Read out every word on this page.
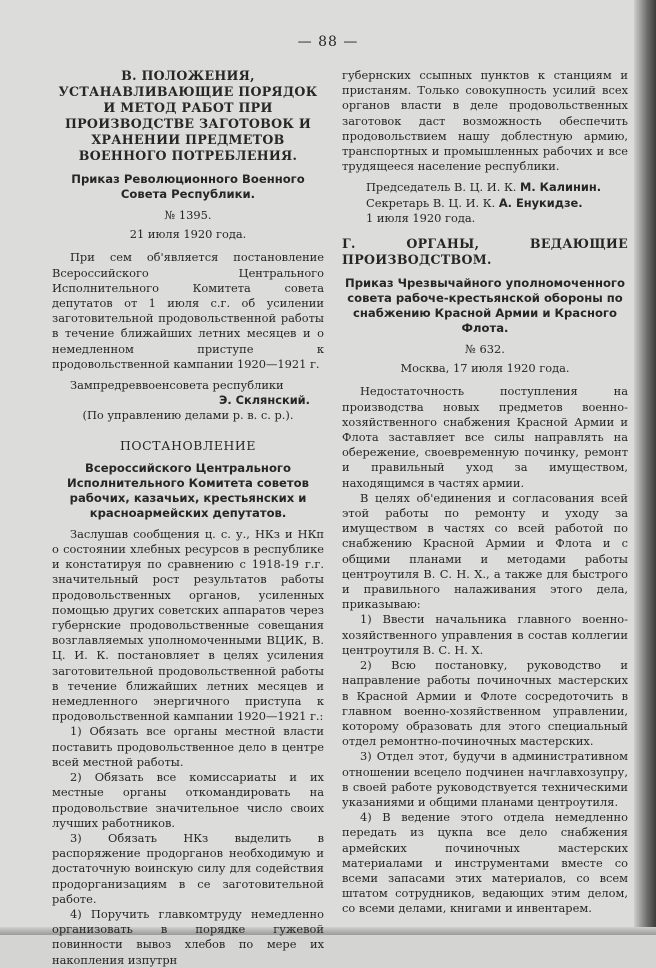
— 88 —
В. ПОЛОЖЕНИЯ, УСТАНАВЛИВАЮЩИЕ ПОРЯДОК И МЕТОД РАБОТ ПРИ ПРОИЗВОДСТВЕ ЗАГОТОВОК И ХРАНЕНИИ ПРЕДМЕТОВ ВОЕННОГО ПОТРЕБЛЕНИЯ.
Приказ Революционного Военного Совета Республики.
№ 1395.
21 июля 1920 года.

При сем об'является постановление Всероссийского Центрального Исполнительного Комитета совета депутатов от 1 июля с.г. об усилении заготовительной продовольственной работы в течение ближайших летних месяцев и о немедленном приступе к продовольственной кампании 1920—1921 г.

Зампредреввоенсовета республики

Э. Склянский.
(По управлению делами р. в. с. р.).
ПОСТАНОВЛЕНИЕ
Всероссийского Центрального Исполнительного Комитета советов рабочих, казачьих, крестьянских и красноармейских депутатов.

Заслушав сообщения ц. с. у., НКз и НКп о состоянии хлебных ресурсов в республике и констатируя по сравнению с 1918-19 г.г. значительный рост результатов работы продовольственных органов, усиленных помощью других советских аппаратов через губернские продовольственные совещания возглавляемых уполномоченными ВЦИК, В. Ц. И. К. постановляет в целях усиления заготовительной продовольственной работы в течение ближайших летних месяцев и немедленного энергичного приступа к продовольственной кампании 1920—1921 г.:

1) Обязать все органы местной власти поставить продовольственное дело в центре всей местной работы.

2) Обязать все комиссариаты и их местные органы откомандировать на продовольствие значительное число своих лучших работников.

3) Обязать НКз выделить в распоряжение продорганов необходимую и достаточную воинскую силу для содействия продорганизациям в се заготовительной работе.

4) Поручить главкомтруду немедленно организовать в порядке гужевой повинности вывоз хлебов по мере их накопления изпутрн

губернских ссыпных пунктов к станциям и пристаням. Только совокупность усилий всех органов власти в деле продовольственных заготовок даст возможность обеспечить продовольствием нашу доблестную армию, транспортных и промышленных рабочих и все трудящееся население республики.

Председатель В. Ц. И. К. М. Калинин.
Секретарь В. Ц. И. К. А. Енукидзе.
1 июля 1920 года.
Г. ОРГАНЫ, ВЕДАЮЩИЕ ПРОИЗВОДСТВОМ.
Приказ Чрезвычайного уполномоченного совета рабоче-крестьянской обороны по снабжению Красной Армии и Красного Флота.
№ 632.
Москва, 17 июля 1920 года.

Недостаточность поступления на производства новых предметов военно-хозяйственного снабжения Красной Армии и Флота заставляет все силы направлять на обережение, своевременную починку, ремонт и правильный уход за имуществом, находящимся в частях армии.

В целях об'единения и согласования всей этой работы по ремонту и уходу за имуществом в частях со всей работой по снабжению Красной Армии и Флота и с общими планами и методами работы центроутиля В. С. Н. Х., а также для быстрого и правильного налаживания этого дела, приказываю:

1) Ввести начальника главного военно-хозяйственного управления в состав коллегии центроутиля В. С. Н. Х.

2) Всю постановку, руководство и направление работы починочных мастерских в Красной Армии и Флоте сосредоточить в главном военно-хозяйственном управлении, которому образовать для этого специальный отдел ремонтно-починочных мастерских.

3) Отдел этот, будучи в административном отношении всецело подчинен начглавхозупру, в своей работе руководствуется техническими указаниями и общими планами центроутиля.

4) В ведение этого отдела немедленно передать из цукпа все дело снабжения армейских починочных мастерских материалами и инструментами вместе со всеми запасами этих материалов, со всем штатом сотрудников, ведающих этим делом, со всеми делами, книгами и инвентарем.
